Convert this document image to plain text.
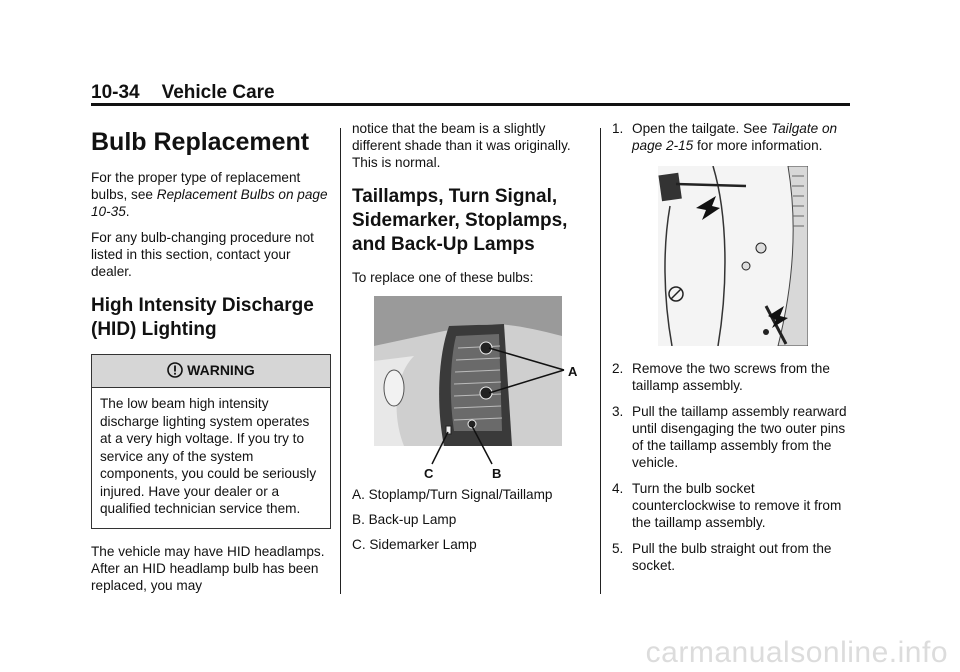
10-34 Vehicle Care
Bulb Replacement

For the proper type of replacement bulbs, see Replacement Bulbs on page 10-35.

For any bulb-changing procedure not listed in this section, contact your dealer.

High Intensity Discharge (HID) Lighting
WARNING
The low beam high intensity discharge lighting system operates at a very high voltage. If you try to service any of the system components, you could be seriously injured. Have your dealer or a qualified technician service them.

The vehicle may have HID headlamps. After an HID headlamp bulb has been replaced, you may

notice that the beam is a slightly different shade than it was originally. This is normal.

Taillamps, Turn Signal, Sidemarker, Stoplamps, and Back-Up Lamps

To replace one of these bulbs:

A
B
C

A. Stoplamp/Turn Signal/Taillamp

B. Back-up Lamp

C. Sidemarker Lamp

1. Open the tailgate. See Tailgate on page 2-15 for more information.
2. Remove the two screws from the taillamp assembly.
3. Pull the taillamp assembly rearward until disengaging the two outer pins of the taillamp assembly from the vehicle.
4. Turn the bulb socket counterclockwise to remove it from the taillamp assembly.
5. Pull the bulb straight out from the socket.
carmanualsonline.info
